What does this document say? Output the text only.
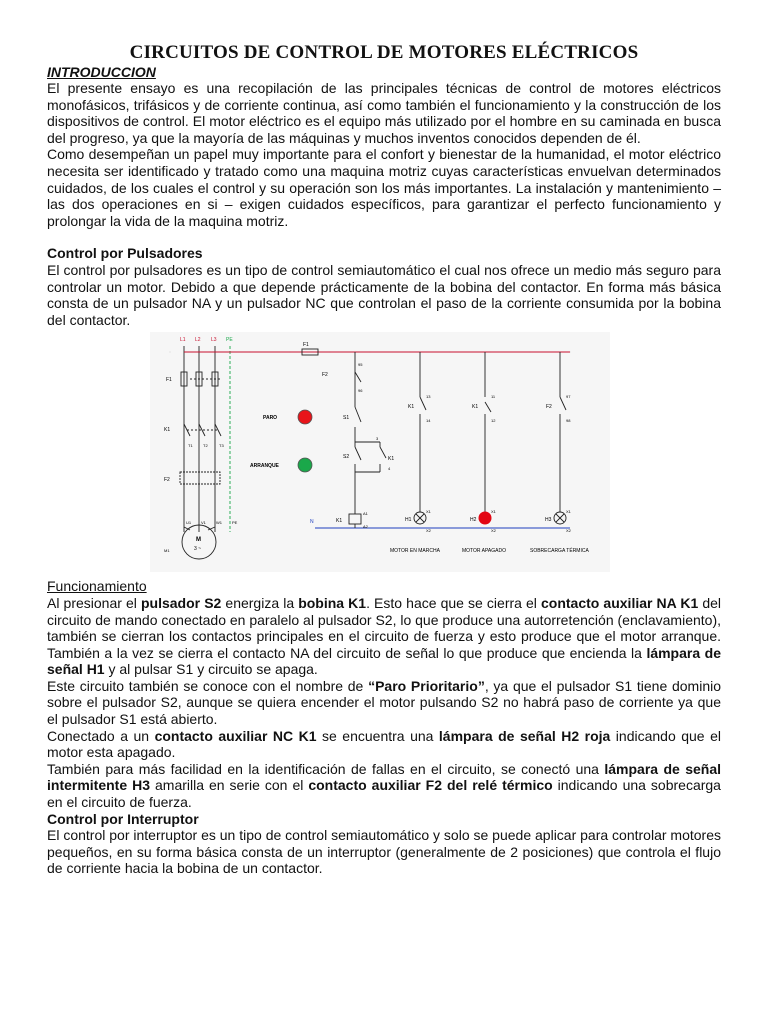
CIRCUITOS DE CONTROL DE MOTORES ELÉCTRICOS
INTRODUCCION

El presente ensayo es una recopilación de las principales técnicas de control de motores eléctricos monofásicos, trifásicos y de corriente continua, así como también el funcionamiento y la construcción de los dispositivos de control. El motor eléctrico es el equipo más utilizado por el hombre en su caminada en busca del progreso, ya que la mayoría de las máquinas y muchos inventos conocidos dependen de él.

Como desempeñan un papel muy importante para el confort y bienestar de la humanidad, el motor eléctrico necesita ser identificado y tratado como una maquina motriz cuyas características envuelvan determinados cuidados, de los cuales el control y su operación son los más importantes. La instalación y mantenimiento – las dos operaciones en si – exigen cuidados específicos, para garantizar el perfecto funcionamiento y prolongar la vida de la maquina motriz.

Control por Pulsadores

El control por pulsadores es un tipo de control semiautomático el cual nos ofrece un medio más seguro para controlar un motor. Debido a que depende prácticamente de la bobina del contactor. En forma más básica consta de un pulsador NA y un pulsador NC que controlan el paso de la corriente consumida por la bobina del contactor.

L1 L2 L3 PE
F1
K1
F2
T1	T2	T3
U1 V1	W1	PE
M
3 ~
M1
N
PARO
ARRANQUE
F1
F2
95
96
S1
S2	K1
3
4
K1
A1
A2
K1
13
14
H1
X1
K1
11
12
H2
X1
F2
97
98
H3
X1
X2	X2	X2
MOTOR EN MARCHA	MOTOR APAGADO	SOBRECARGA TÉRMICA
Funcionamiento

Al presionar el pulsador S2 energiza la bobina K1. Esto hace que se cierra el contacto auxiliar NA K1 del circuito de mando conectado en paralelo al pulsador S2, lo que produce una autorretención (enclavamiento), también se cierran los contactos principales en el circuito de fuerza y esto produce que el motor arranque. También a la vez se cierra el contacto NA del circuito de señal lo que produce que encienda la lámpara de señal H1 y al pulsar S1 y circuito se apaga.

Este circuito también se conoce con el nombre de “Paro Prioritario”, ya que el pulsador S1 tiene dominio sobre el pulsador S2, aunque se quiera encender el motor pulsando S2 no habrá paso de corriente ya que el pulsador S1 está abierto.

Conectado a un contacto auxiliar NC K1 se encuentra una lámpara de señal H2 roja indicando que el motor esta apagado.

También para más facilidad en la identificación de fallas en el circuito, se conectó una lámpara de señal intermitente H3 amarilla en serie con el contacto auxiliar F2 del relé térmico indicando una sobrecarga en el circuito de fuerza.

Control por Interruptor

El control por interruptor es un tipo de control semiautomático y solo se puede aplicar para controlar motores pequeños, en su forma básica consta de un interruptor (generalmente de 2 posiciones) que controla el flujo de corriente hacia la bobina de un contactor.
